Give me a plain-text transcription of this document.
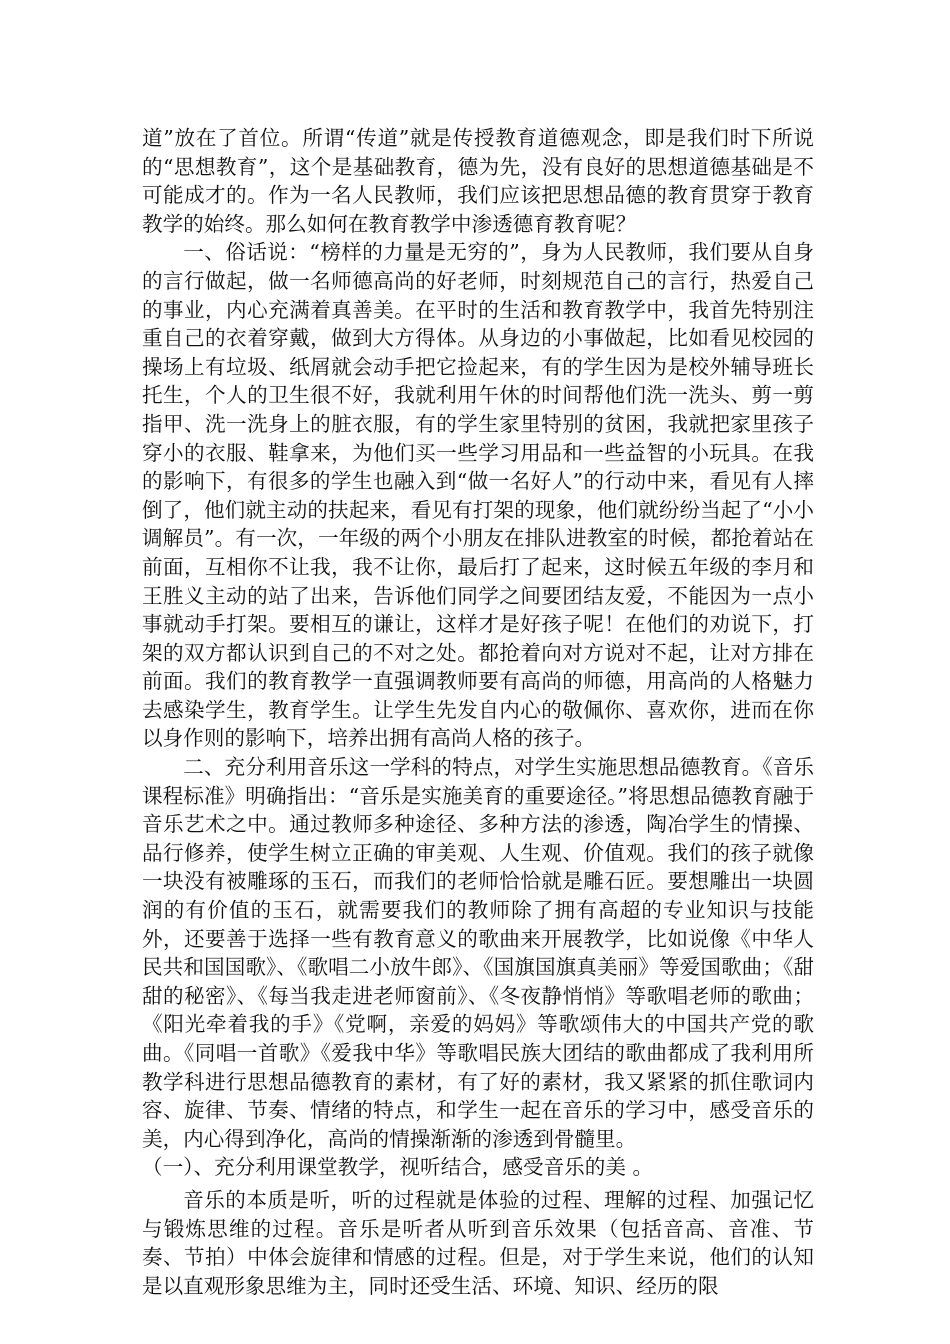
道”放在了首位。所谓“传道”就是传授教育道德观念，即是我们时下所说的“思想教育”，这个是基础教育，德为先，没有良好的思想道德基础是不可能成才的。作为一名人民教师，我们应该把思想品德的教育贯穿于教育教学的始终。那么如何在教育教学中渗透德育教育呢？

一、俗话说：“榜样的力量是无穷的”，身为人民教师，我们要从自身的言行做起，做一名师德高尚的好老师，时刻规范自己的言行，热爱自己的事业，内心充满着真善美。在平时的生活和教育教学中，我首先特别注重自己的衣着穿戴，做到大方得体。从身边的小事做起，比如看见校园的操场上有垃圾、纸屑就会动手把它捡起来，有的学生因为是校外辅导班长托生，个人的卫生很不好，我就利用午休的时间帮他们洗一洗头、剪一剪指甲、洗一洗身上的脏衣服，有的学生家里特别的贫困，我就把家里孩子穿小的衣服、鞋拿来，为他们买一些学习用品和一些益智的小玩具。在我的影响下，有很多的学生也融入到“做一名好人”的行动中来，看见有人摔倒了，他们就主动的扶起来，看见有打架的现象，他们就纷纷当起了“小小调解员”。有一次，一年级的两个小朋友在排队进教室的时候，都抢着站在前面，互相你不让我，我不让你，最后打了起来，这时候五年级的李月和王胜义主动的站了出来，告诉他们同学之间要团结友爱，不能因为一点小事就动手打架。要相互的谦让，这样才是好孩子呢！在他们的劝说下，打架的双方都认识到自己的不对之处。都抢着向对方说对不起，让对方排在前面。我们的教育教学一直强调教师要有高尚的师德，用高尚的人格魅力去感染学生，教育学生。让学生先发自内心的敬佩你、喜欢你，进而在你以身作则的影响下，培养出拥有高尚人格的孩子。

二、充分利用音乐这一学科的特点，对学生实施思想品德教育。《音乐课程标准》明确指出：“音乐是实施美育的重要途径。”将思想品德教育融于音乐艺术之中。通过教师多种途径、多种方法的渗透，陶冶学生的情操、品行修养，使学生树立正确的审美观、人生观、价值观。我们的孩子就像一块没有被雕琢的玉石，而我们的老师恰恰就是雕石匠。要想雕出一块圆润的有价值的玉石，就需要我们的教师除了拥有高超的专业知识与技能外，还要善于选择一些有教育意义的歌曲来开展教学，比如说像《中华人民共和国国歌》、《歌唱二小放牛郎》、《国旗国旗真美丽》等爱国歌曲；《甜甜的秘密》、《每当我走进老师窗前》、《冬夜静悄悄》等歌唱老师的歌曲；《阳光牵着我的手》《党啊，亲爱的妈妈》等歌颂伟大的中国共产党的歌曲。《同唱一首歌》《爱我中华》等歌唱民族大团结的歌曲都成了我利用所教学科进行思想品德教育的素材，有了好的素材，我又紧紧的抓住歌词内容、旋律、节奏、情绪的特点，和学生一起在音乐的学习中，感受音乐的美，内心得到净化，高尚的情操渐渐的渗透到骨髓里。

（一）、充分利用课堂教学，视听结合，感受音乐的美 。

音乐的本质是听，听的过程就是体验的过程、理解的过程、加强记忆与锻炼思维的过程。音乐是听者从听到音乐效果（包括音高、音准、节奏、节拍）中体会旋律和情感的过程。但是，对于学生来说，他们的认知是以直观形象思维为主，同时还受生活、环境、知识、经历的限
